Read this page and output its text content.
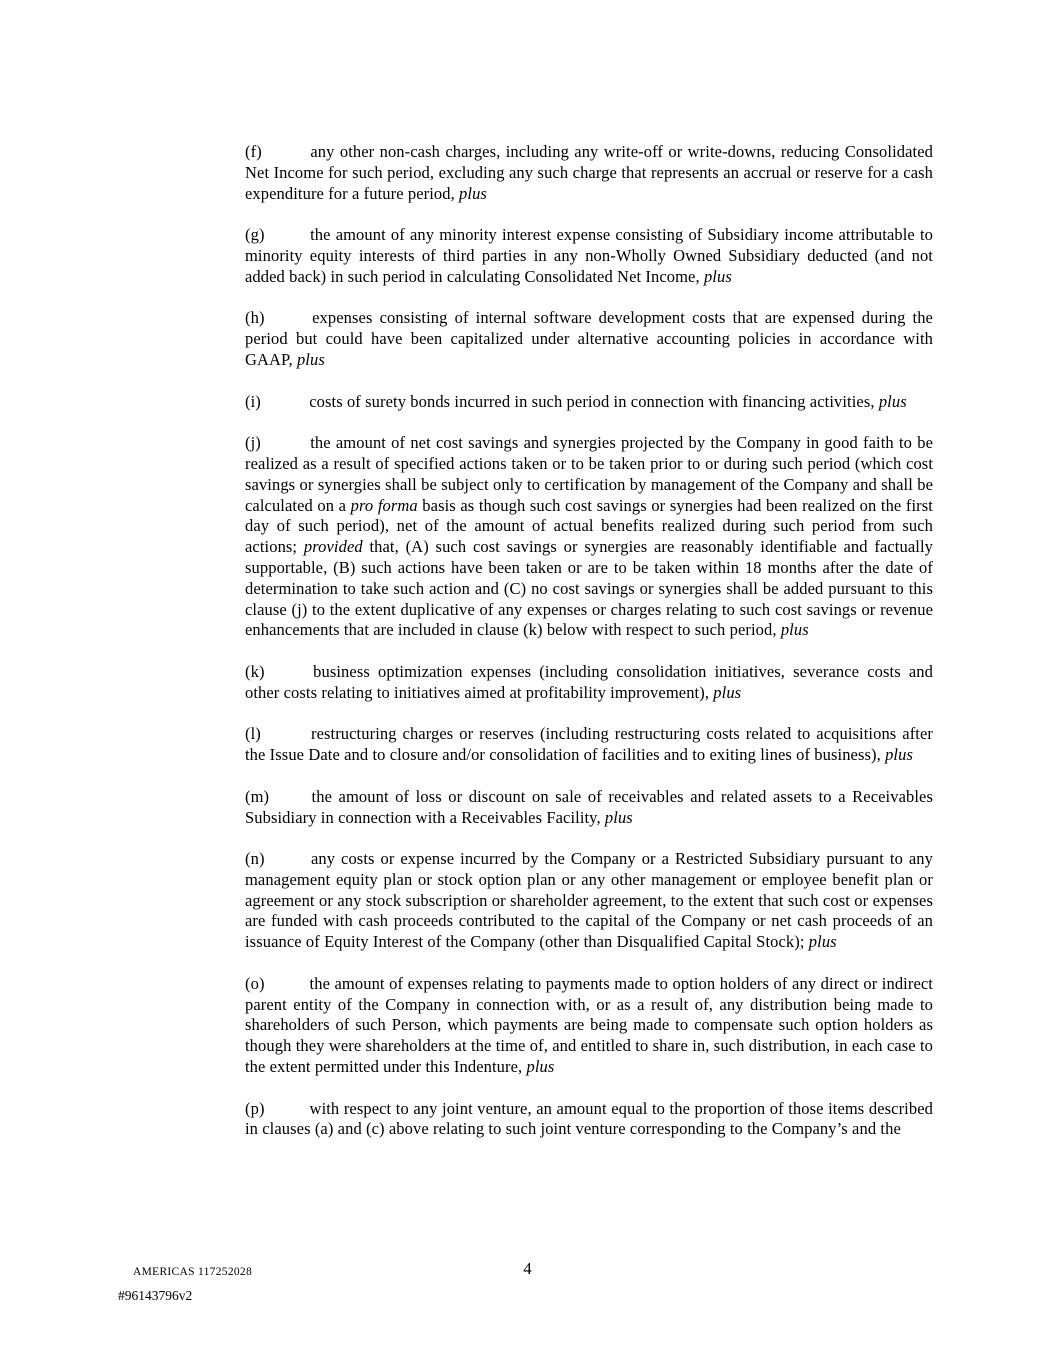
(f)	any other non-cash charges, including any write-off or write-downs, reducing Consolidated Net Income for such period, excluding any such charge that represents an accrual or reserve for a cash expenditure for a future period, plus

(g)	the amount of any minority interest expense consisting of Subsidiary income attributable to minority equity interests of third parties in any non-Wholly Owned Subsidiary deducted (and not added back) in such period in calculating Consolidated Net Income, plus

(h)	expenses consisting of internal software development costs that are expensed during the period but could have been capitalized under alternative accounting policies in accordance with GAAP, plus

(i)	costs of surety bonds incurred in such period in connection with financing activities, plus

(j)	the amount of net cost savings and synergies projected by the Company in good faith to be realized as a result of specified actions taken or to be taken prior to or during such period (which cost savings or synergies shall be subject only to certification by management of the Company and shall be calculated on a pro forma basis as though such cost savings or synergies had been realized on the first day of such period), net of the amount of actual benefits realized during such period from such actions; provided that, (A) such cost savings or synergies are reasonably identifiable and factually supportable, (B) such actions have been taken or are to be taken within 18 months after the date of determination to take such action and (C) no cost savings or synergies shall be added pursuant to this clause (j) to the extent duplicative of any expenses or charges relating to such cost savings or revenue enhancements that are included in clause (k) below with respect to such period, plus

(k)	business optimization expenses (including consolidation initiatives, severance costs and other costs relating to initiatives aimed at profitability improvement), plus

(l)	restructuring charges or reserves (including restructuring costs related to acquisitions after the Issue Date and to closure and/or consolidation of facilities and to exiting lines of business), plus

(m)	the amount of loss or discount on sale of receivables and related assets to a Receivables Subsidiary in connection with a Receivables Facility, plus

(n)	any costs or expense incurred by the Company or a Restricted Subsidiary pursuant to any management equity plan or stock option plan or any other management or employee benefit plan or agreement or any stock subscription or shareholder agreement, to the extent that such cost or expenses are funded with cash proceeds contributed to the capital of the Company or net cash proceeds of an issuance of Equity Interest of the Company (other than Disqualified Capital Stock); plus

(o)	the amount of expenses relating to payments made to option holders of any direct or indirect parent entity of the Company in connection with, or as a result of, any distribution being made to shareholders of such Person, which payments are being made to compensate such option holders as though they were shareholders at the time of, and entitled to share in, such distribution, in each case to the extent permitted under this Indenture, plus

(p)	with respect to any joint venture, an amount equal to the proportion of those items described in clauses (a) and (c) above relating to such joint venture corresponding to the Company’s and the

4
AMERICAS 117252028
#96143796v2
